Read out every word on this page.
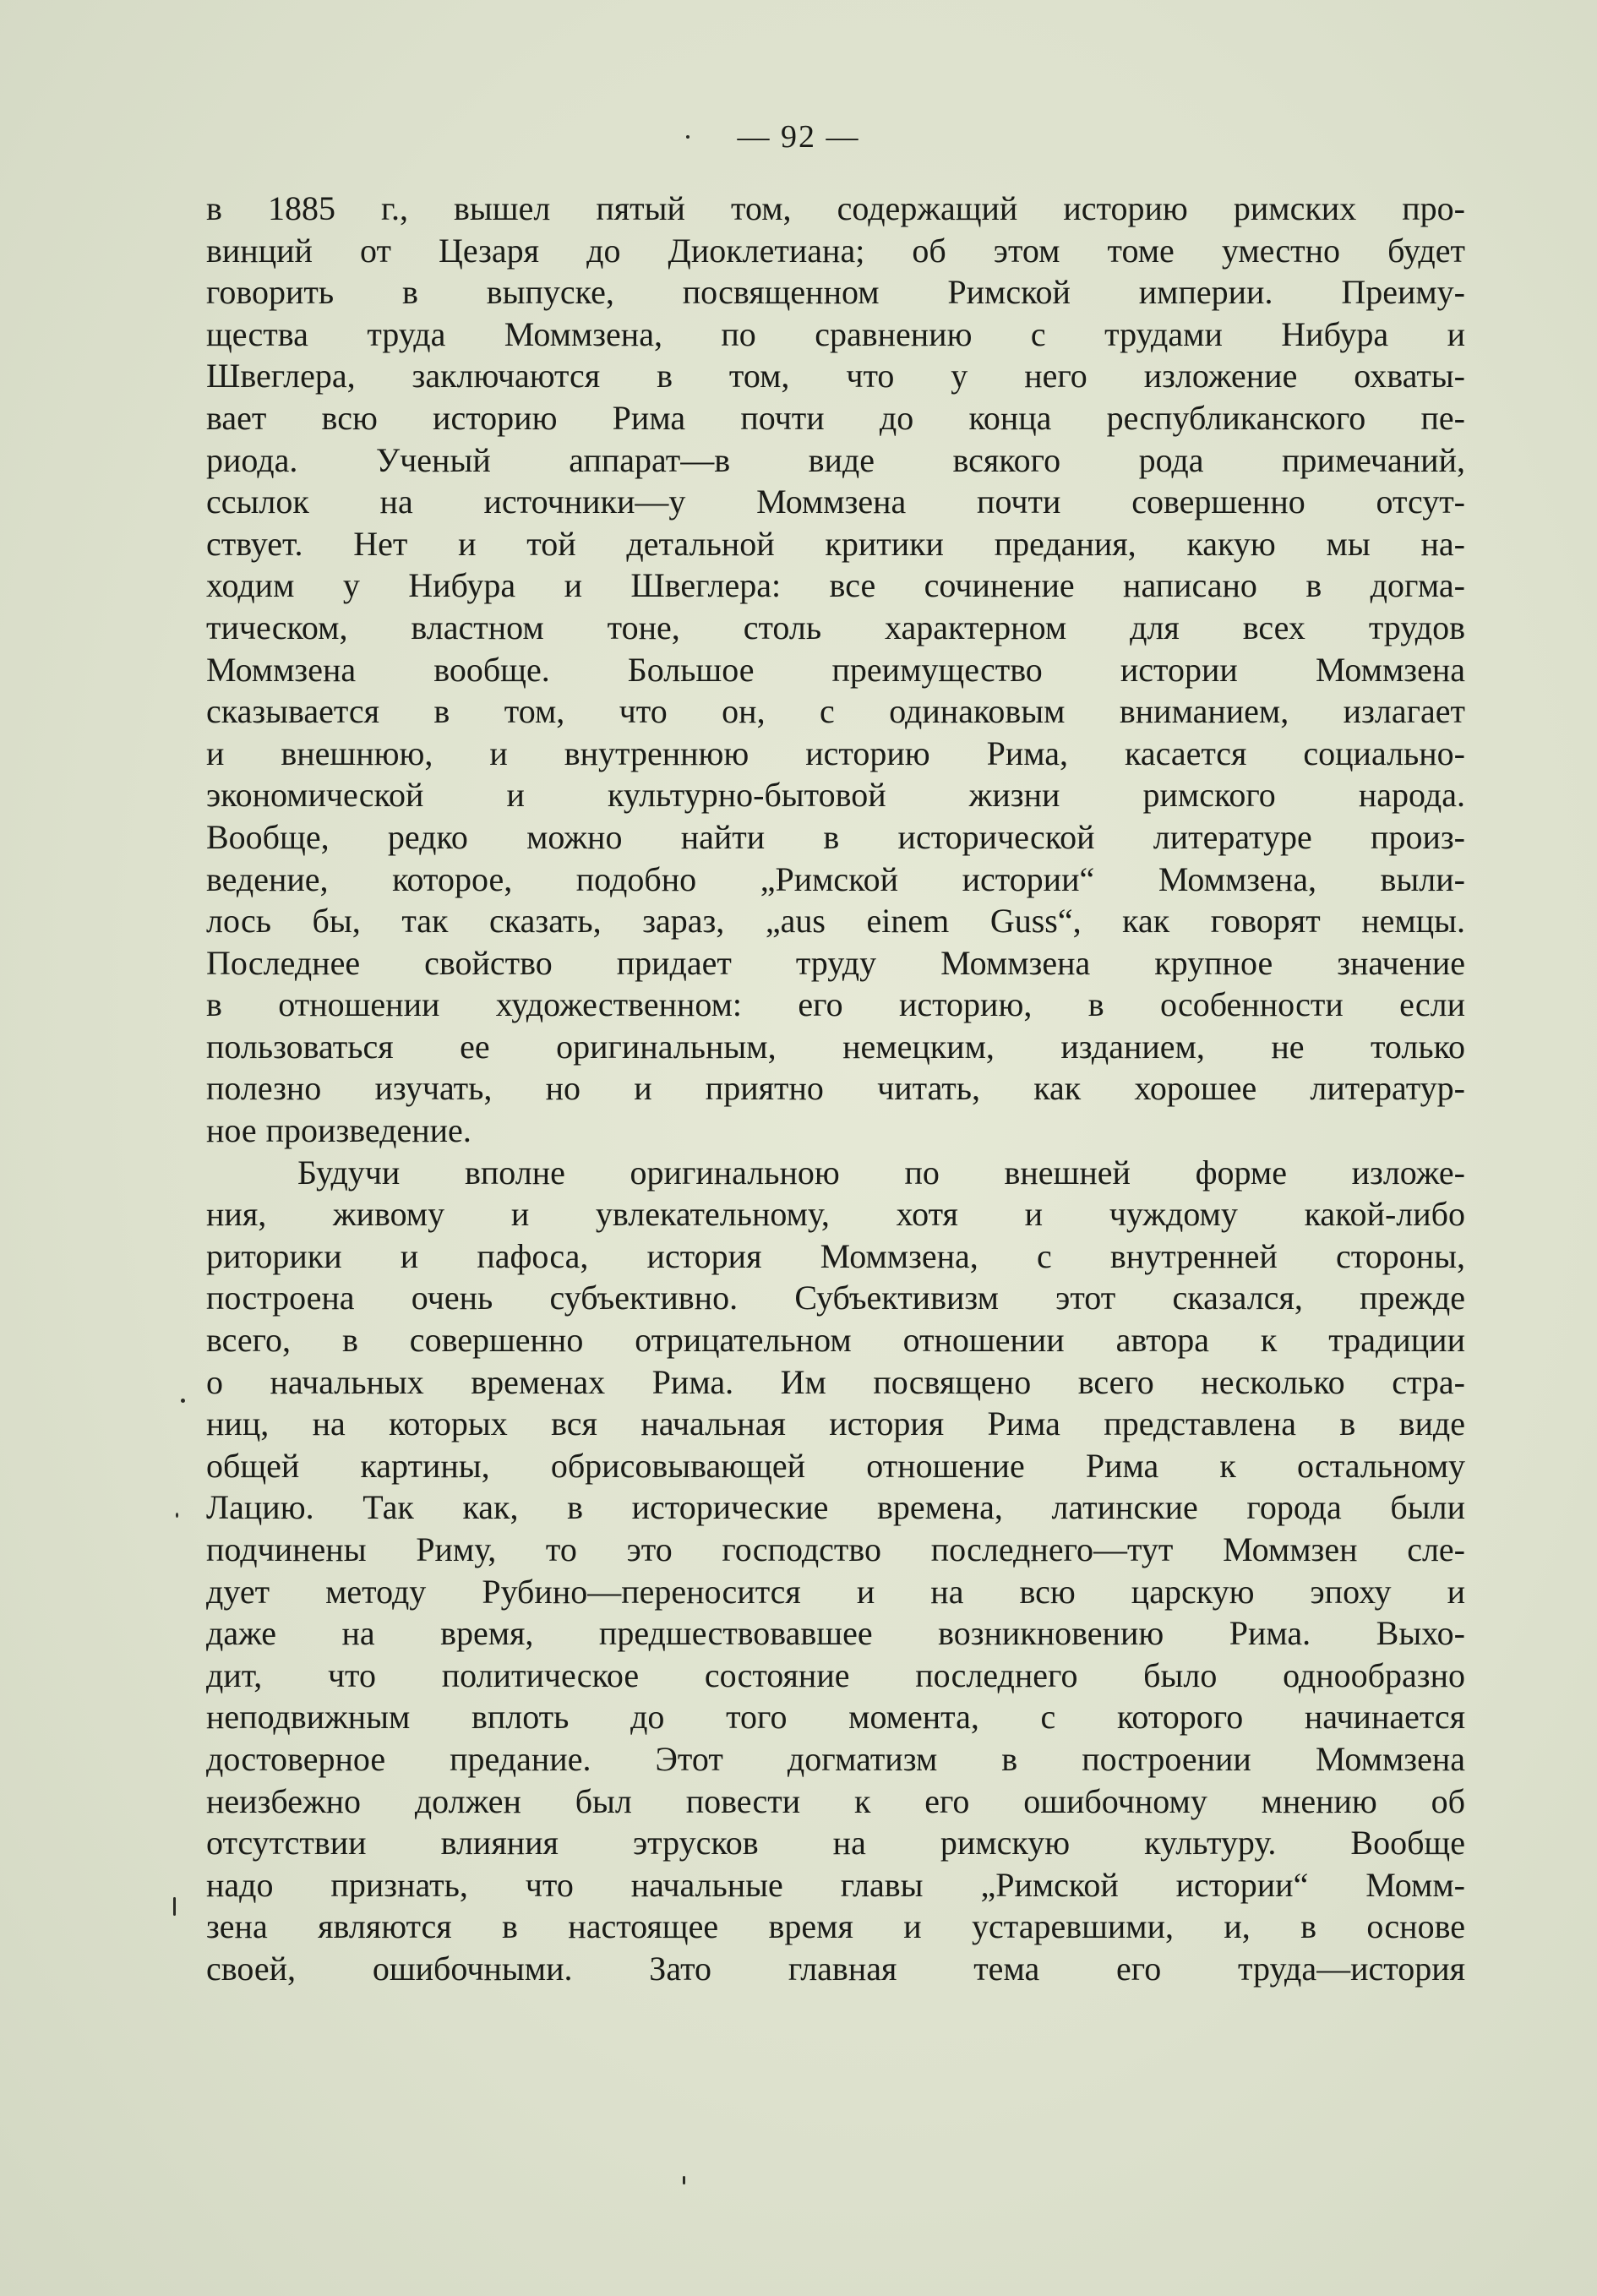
— 92 —
в 1885 г., вышел пятый том, содержащий историю римских про-
винций от Цезаря до Диоклетиана; об этом томе уместно будет
говорить в выпуске, посвященном Римской империи. Преиму-
щества труда Моммзена, по сравнению с трудами Нибура и
Швеглера, заключаются в том, что у него изложение охваты-
вает всю историю Рима почти до конца республиканского пе-
риода. Ученый аппарат—в виде всякого рода примечаний,
ссылок на источники—у Моммзена почти совершенно отсут-
ствует. Нет и той детальной критики предания, какую мы на-
ходим у Нибура и Швеглера: все сочинение написано в догма-
тическом, властном тоне, столь характерном для всех трудов
Моммзена вообще. Большое преимущество истории Моммзена
сказывается в том, что он, с одинаковым вниманием, излагает
и внешнюю, и внутреннюю историю Рима, касается социально-
экономической и культурно-бытовой жизни римского народа.
Вообще, редко можно найти в исторической литературе произ-
ведение, которое, подобно „Римской истории“ Моммзена, выли-
лось бы, так сказать, зараз, „aus einem Guss“, как говорят немцы.
Последнее свойство придает труду Моммзена крупное значение
в отношении художественном: его историю, в особенности если
пользоваться ее оригинальным, немецким, изданием, не только
полезно изучать, но и приятно читать, как хорошее литератур-
ное произведение.
Будучи вполне оригинальною по внешней форме изложе-
ния, живому и увлекательному, хотя и чуждому какой-либо
риторики и пафоса, история Моммзена, с внутренней стороны,
построена очень субъективно. Субъективизм этот сказался, прежде
всего, в совершенно отрицательном отношении автора к традиции
о начальных временах Рима. Им посвящено всего несколько стра-
ниц, на которых вся начальная история Рима представлена в виде
общей картины, обрисовывающей отношение Рима к остальному
Лацию. Так как, в исторические времена, латинские города были
подчинены Риму, то это господство последнего—тут Моммзен сле-
дует методу Рубино—переносится и на всю царскую эпоху и
даже на время, предшествовавшее возникновению Рима. Выхо-
дит, что политическое состояние последнего было однообразно
неподвижным вплоть до того момента, с которого начинается
достоверное предание. Этот догматизм в построении Моммзена
неизбежно должен был повести к его ошибочному мнению об
отсутствии влияния этрусков на римскую культуру. Вообще
надо признать, что начальные главы „Римской истории“ Момм-
зена являются в настоящее время и устаревшими, и, в основе
своей, ошибочными. Зато главная тема его труда—история
